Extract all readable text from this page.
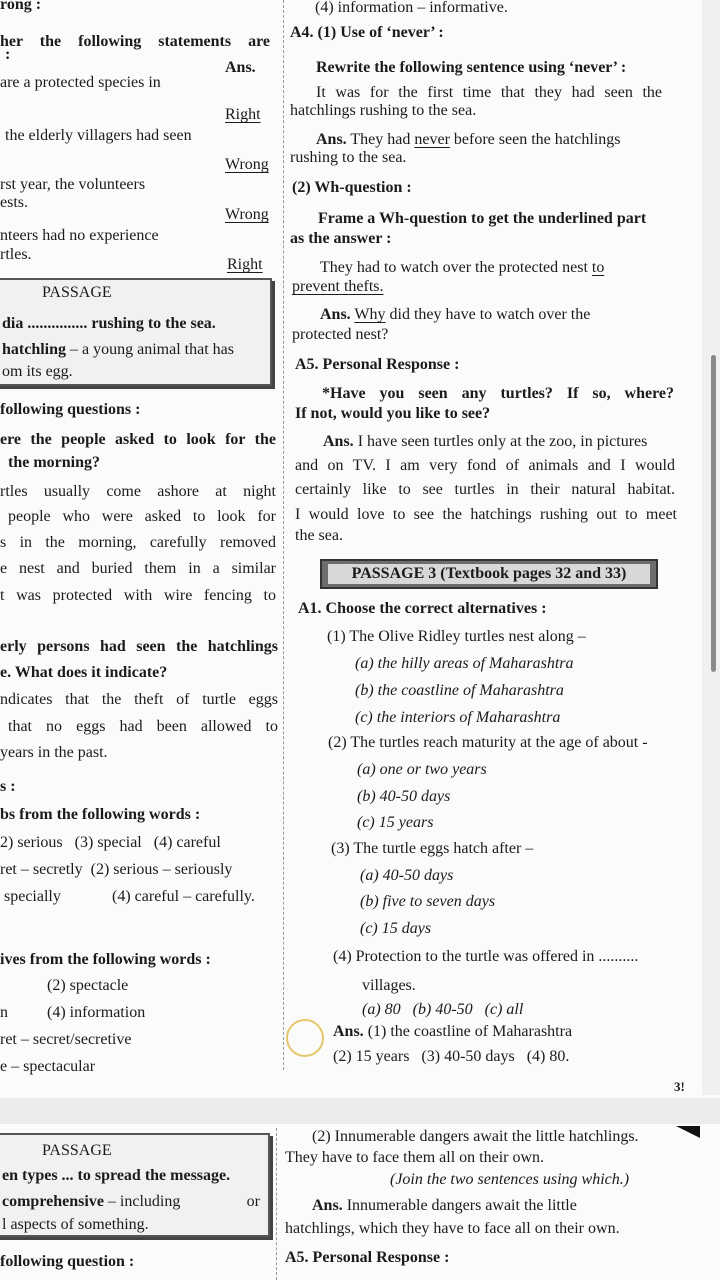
rong :
her the following statements are
:
Ans.
are a protected species in
Right
the elderly villagers had seen
Wrong
rst year, the volunteers
ests.
Wrong
nteers had no experience
rtles.
Right
PASSAGE
dia ............... rushing to the sea.
hatchling – a young animal that has
om its egg.
following questions :
ere the people asked to look for the
the morning?
rtles usually come ashore at night
people who were asked to look for
s in the morning, carefully removed
e nest and buried them in a similar
t was protected with wire fencing to
erly persons had seen the hatchlings
e. What does it indicate?
ndicates that the theft of turtle eggs
that no eggs had been allowed to
years in the past.
s :
bs from the following words :
2) serious   (3) special   (4) careful
ret – secretly  (2) serious – seriously
specially	(4) careful – carefully.
ives from the following words :
(2) spectacle
n (4) information
ret – secret/secretive
e – spectacular
(4) information – informative.
A4. (1) Use of ‘never’ :
Rewrite the following sentence using ‘never’ :
It was for the first time that they had seen the
hatchlings rushing to the sea.
Ans. They had never before seen the hatchlings
rushing to the sea.
(2) Wh-question :
Frame a Wh-question to get the underlined part
as the answer :
They had to watch over the protected nest to
prevent thefts.
Ans. Why did they have to watch over the
protected nest?
A5. Personal Response :
*Have you seen any turtles? If so, where?
If not, would you like to see?
Ans. I have seen turtles only at the zoo, in pictures
and on TV. I am very fond of animals and I would
certainly like to see turtles in their natural habitat.
I would love to see the hatchings rushing out to meet
the sea.
PASSAGE 3 (Textbook pages 32 and 33)
A1. Choose the correct alternatives :
(1) The Olive Ridley turtles nest along –
(a) the hilly areas of Maharashtra
(b) the coastline of Maharashtra
(c) the interiors of Maharashtra
(2) The turtles reach maturity at the age of about -
(a) one or two years
(b) 40-50 days
(c) 15 years
(3) The turtle eggs hatch after –
(a) 40-50 days
(b) five to seven days
(c) 15 days
(4) Protection to the turtle was offered in ..........
villages.
(a) 80   (b) 40-50   (c) all
Ans. (1) the coastline of Maharashtra
(2) 15 years   (3) 40-50 days   (4) 80.
3!
PASSAGE
en types ... to spread the message.
comprehensive – including	or
l aspects of something.
following question :
(2) Innumerable dangers await the little hatchlings.
They have to face them all on their own.
(Join the two sentences using which.)
Ans. Innumerable dangers await the little
hatchlings, which they have to face all on their own.
A5. Personal Response :
